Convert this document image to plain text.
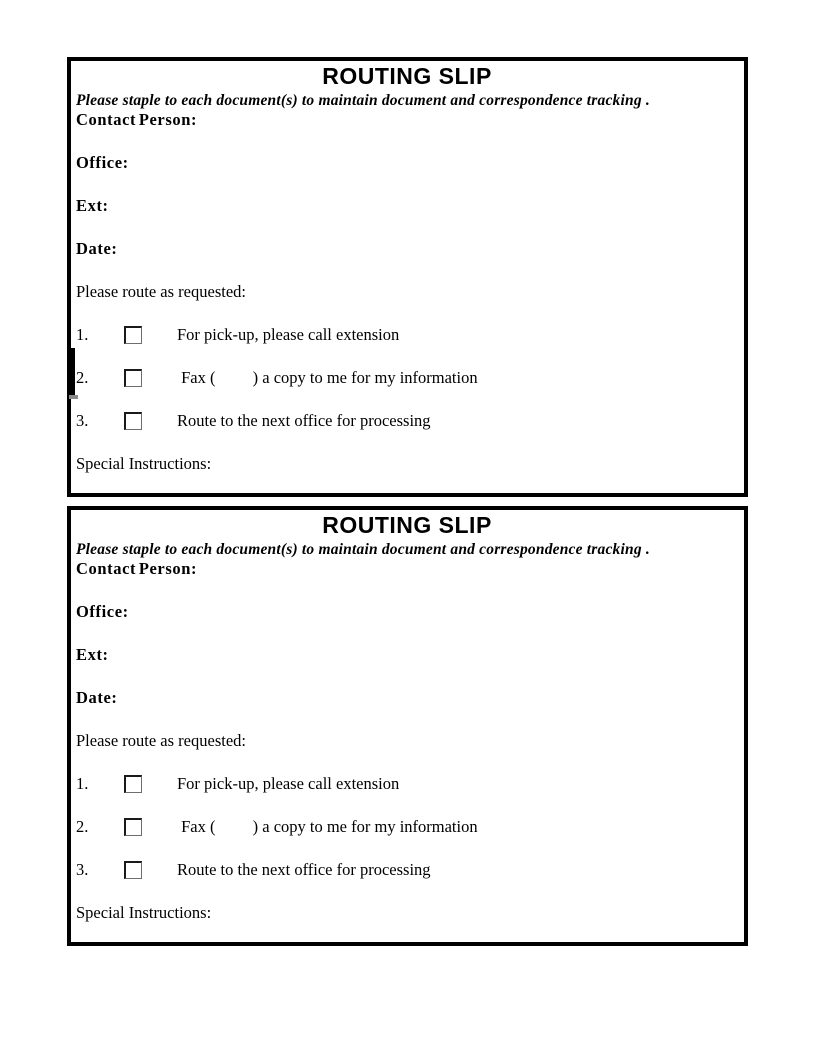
ROUTING SLIP

Please staple to each document(s) to maintain document and correspondence tracking .

Contact Person:
Office:
Ext:
Date:
Please route as requested:
1.	For pick-up, please call extension
2.	Fax (         ) a copy to me for my information
3.	Route to the next office for processing
Special Instructions:
ROUTING SLIP

Please staple to each document(s) to maintain document and correspondence tracking .

Contact Person:
Office:
Ext:
Date:
Please route as requested:
1.	For pick-up, please call extension
2.	Fax (         ) a copy to me for my information
3.	Route to the next office for processing
Special Instructions:
